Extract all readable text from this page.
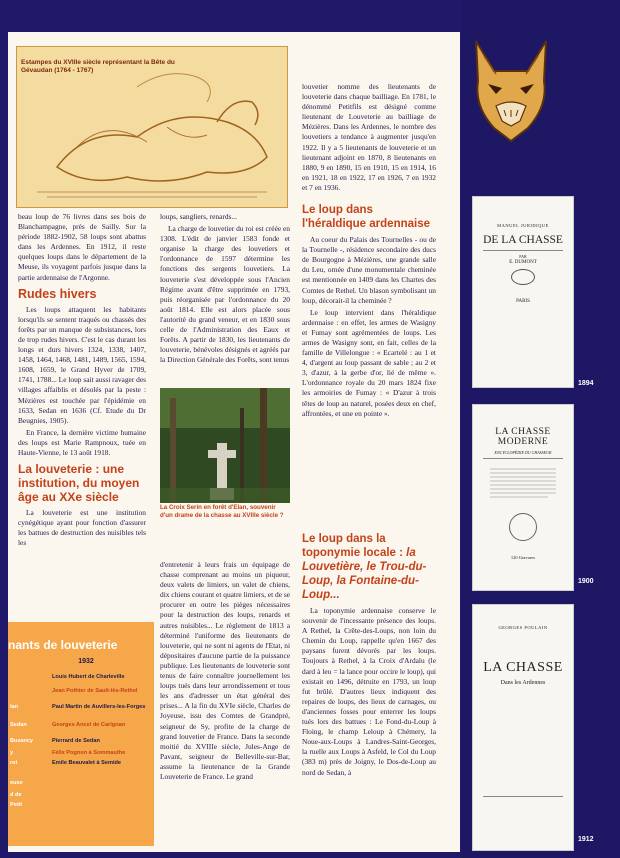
Estampes du XVIIIe siècle représentant la Bête du Gévaudan (1764 - 1767)

beau loup de 76 livres dans ses bois de Blanchampagne, près de Sailly. Sur la période 1882-1902, 58 loups sont abattus dans les Ardennes. En 1912, il reste quelques loups dans le département de la Meuse, ils voyagent parfois jusque dans la partie ardennaise de l'Argonne.

Rudes hivers

Les loups attaquent les habitants lorsqu'ils se sentent traqués ou chassés des forêts par un manque de subsistances, lors de trop rudes hivers. C'est le cas durant les longs et durs hivers 1324, 1338, 1407, 1458, 1464, 1468, 1481, 1489, 1565, 1594, 1608, 1659, le Grand Hyver de 1709, 1741, 1788... Le loup sait aussi ravager des villages affaiblis et désolés par la peste : Mézières est touchée par l'épidémie en 1633, Sedan en 1636 (Cf. Etude du Dr Beugnies, 1905).

En France, la dernière victime humaine des loups est Marie Rampnoux, tuée en Haute-Vienne, le 13 août 1918.

La louveterie : une institution, du moyen âge au XXe siècle

La louveterie est une institution cynégétique ayant pour fonction d'assurer les battues de destruction des nuisibles tels les

nants de louveterie
1932
Louis Hubert de Charleville
Jean Pothier de Sault-lès-Rethel
lan	Paul Martin de Auvillers-les-Forges
Sedan	Georges Ancel de Carignan
Buzancy	Pierrard de Sedan
y	Félix Pognon à Sommauthe
roi	Emile Beauvalet à Semide
euse
d de
Petit

loups, sangliers, renards...

La charge de louvetier du roi est créée en 1308. L'édit de janvier 1583 fonde et organise la charge des louvetiers et l'ordonnance de 1597 détermine les fonctions des sergents louvetiers. La louveterie s'est développée sous l'Ancien Régime avant d'être supprimée en 1793, puis réorganisée par l'ordonnance du 20 août 1814. Elle est alors placée sous l'autorité du grand veneur, et en 1830 sous celle de l'Administration des Eaux et Forêts. A partir de 1830, les lieutenants de louveterie, bénévoles désignés et agréés par la Direction Générale des Forêts, sont tenus

La Croix Serin en forêt d'Elan, souvenir d'un drame de la chasse au XVIIIe siècle ?

d'entretenir à leurs frais un équipage de chasse comprenant au moins un piqueur, deux valets de limiers, un valet de chiens, dix chiens courant et quatre limiers, et de se procurer en outre les pièges nécessaires pour la destruction des loups, renards et autres nuisibles... Le règlement de 1813 a déterminé l'uniforme des lieutenants de louveterie, qui ne sont ni agents de l'Etat, ni dépositaires d'aucune partie de la puissance publique. Les lieutenants de louveterie sont tenus de faire connaître journellement les loups tués dans leur arrondissement et tous les ans d'adresser un état général des prises... A la fin du XVIe siècle, Charles de Joyeuse, issu des Comtes de Grandpré, seigneur de Sy, profite de la charge de grand louvetier de France. Dans la seconde moitié du XVIIIe siècle, Jules-Ange de Pavant, seigneur de Belleville-sur-Bar, assume la lieutenance de la Grande Louveterie de France. Le grand

louvetier nomme des lieutenants de louveterie dans chaque bailliage. En 1781, le dénommé Petitfils est désigné comme lieutenant de Louveterie au bailliage de Mézières. Dans les Ardennes, le nombre des louvetiers a tendance à augmenter jusqu'en 1922. Il y a 5 lieutenants de louveterie et un lieutenant adjoint en 1870, 8 lieutenants en 1880, 9 en 1890, 15 en 1910, 15 en 1914, 16 en 1921, 18 en 1922, 17 en 1926, 7 en 1932 et 7 en 1936.

Le loup dans l'héraldique ardennaise

Au coeur du Palais des Tournelles - ou de la Tournelle -, résidence secondaire des ducs de Bourgogne à Mézières, une grande salle du Leu, ornée d'une monumentale cheminée est mentionnée en 1409 dans les Chartes des Comtes de Rethel. Un blason symbolisant un loup, décorait-il la cheminée ?

Le loup intervient dans l'héraldique ardennaise : en effet, les armes de Wasigny et Fumay sont agrémentées de loups. Les armes de Wasigny sont, en fait, celles de la famille de Villelongue : « Ecartelé : au 1 et 4, d'argent au loup passant de sable ; au 2 et 3, d'azur, à la gerbe d'or, lié de même ». L'ordonnance royale du 20 mars 1824 fixe les armoiries de Fumay : « D'azur à trois têtes de loup au naturel, posées deux en chef, affrontées, et une en pointe ».

Le loup dans la toponymie locale : la Louvetière, le Trou-du-Loup, la Fontaine-du-Loup...

La toponymie ardennaise conserve le souvenir de l'incessante présence des loups. A Rethel, la Crête-des-Loups, non loin du Chemin du Loup, rappelle qu'en 1667 des paysans furent dévorés par les loups. Toujours à Rethel, à la Croix d'Ardalu (le dard à leu = la lance pour occire le loup), qui existait en 1496, détruite en 1793, un loup fut brûlé. D'autres lieux indiquent des repaires de loups, des lieux de carnages, ou d'anciennes fosses pour enterrer les loups tués lors des battues : Le Fond-du-Loup à Floing, le champ Leloup à Chémery, la Noue-aux-Loups à Landres-Saint-Georges, la ruelle aux Loups à Asfeld, le Col du Loup (383 m) près de Joigny, le Dos-de-Loup au nord de Sedan, à

MANUEL JURIDIQUE
DE LA CHASSE
PAR
E. DUMONT
PARIS
1894
LA CHASSE
MODERNE
ENCYCLOPÉDIE DU CHASSEUR
120 Gravures
1900
GEORGES POULAIN
LA CHASSE
Dans les Ardennes
1912
